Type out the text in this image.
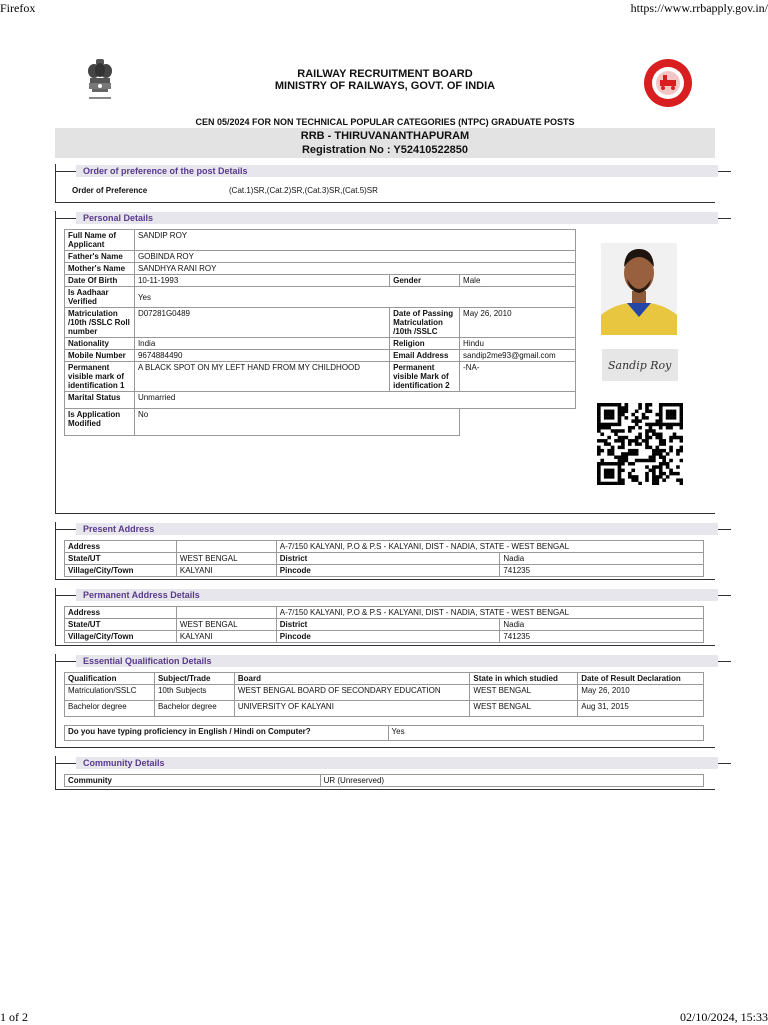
Firefox	https://www.rrbapply.gov.in/
RAILWAY RECRUITMENT BOARD
MINISTRY OF RAILWAYS, GOVT. OF INDIA
CEN 05/2024 FOR NON TECHNICAL POPULAR CATEGORIES (NTPC) GRADUATE POSTS
RRB - THIRUVANANTHAPURAM
Registration No : Y52410522850
Order of preference of the post Details
Order of Preference	(Cat.1)SR,(Cat.2)SR,(Cat.3)SR,(Cat.5)SR
Personal Details
Full Name of Applicant	SANDIP ROY		
Father's Name	GOBINDA ROY		
Mother's Name	SANDHYA RANI ROY		
Date Of Birth	10-11-1993	Gender	Male
Is Aadhaar Verified	Yes		
Matriculation /10th /SSLC Roll number	D07281G0489	Date of Passing Matriculation /10th /SSLC	May 26, 2010
Nationality	India	Religion	Hindu
Mobile Number	9674884490	Email Address	sandip2me93@gmail.com
Permanent visible mark of identification 1	A BLACK SPOT ON MY LEFT HAND FROM MY CHILDHOOD	Permanent visible Mark of identification 2	-NA-
Marital Status	Unmarried		
Is Application Modified	No		
Sandip Roy
Present Address
Address		A-7/150 KALYANI, P.O & P.S - KALYANI, DIST - NADIA, STATE - WEST BENGAL	
State/UT	WEST BENGAL	District	Nadia
Village/City/Town	KALYANI	Pincode	741235
Permanent Address Details
Address		A-7/150 KALYANI, P.O & P.S - KALYANI, DIST - NADIA, STATE - WEST BENGAL	
State/UT	WEST BENGAL	District	Nadia
Village/City/Town	KALYANI	Pincode	741235
Essential Qualification Details
Qualification	Subject/Trade	Board	State in which studied	Date of Result Declaration
Matriculation/SSLC	10th Subjects	WEST BENGAL BOARD OF SECONDARY EDUCATION	WEST BENGAL	May 26, 2010
Bachelor degree	Bachelor degree	UNIVERSITY OF KALYANI	WEST BENGAL	Aug 31, 2015
Do you have typing proficiency in English / Hindi on Computer?	Yes
Community Details
Community	UR (Unreserved)
1 of 2	02/10/2024, 15:33
